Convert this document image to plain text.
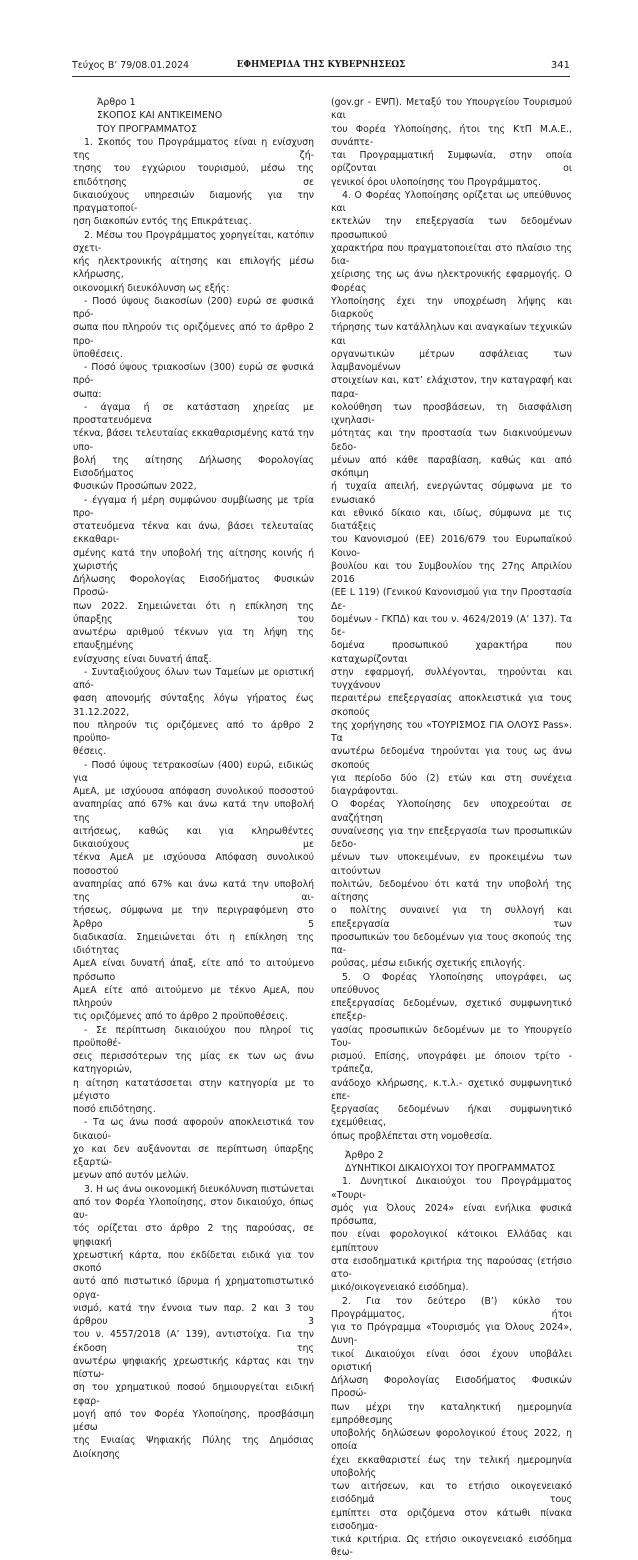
Τεύχος B’ 79/08.01.2024	ΕΦΗΜΕΡΙΔΑ ΤΗΣ ΚΥΒΕΡΝΗΣΕΩΣ	341
Άρθρο 1
ΣΚΟΠΟΣ ΚΑΙ ΑΝΤΙΚΕΙΜΕΝΟ
ΤΟΥ ΠΡΟΓΡΑΜΜΑΤΟΣ
1. Σκοπός του Προγράμματος είναι η ενίσχυση της ζή-
τησης του εγχώριου τουρισμού, μέσω της επιδότησης σε
δικαιούχους υπηρεσιών διαμονής για την πραγματοποί-
ηση διακοπών εντός της Επικράτειας.
2. Μέσω του Προγράμματος χορηγείται, κατόπιν σχετι-
κής ηλεκτρονικής αίτησης και επιλογής μέσω κλήρωσης,
οικονομική διευκόλυνση ως εξής:
- Ποσό ύψους διακοσίων (200) ευρώ σε φυσικά πρό-
σωπα που πληρούν τις οριζόμενες από το άρθρο 2 προ-
ϋποθέσεις.
- Ποσό ύψους τριακοσίων (300) ευρώ σε φυσικά πρό-
σωπα:
- άγαμα ή σε κατάσταση χηρείας με προστατευόμενα
τέκνα, βάσει τελευταίας εκκαθαρισμένης κατά την υπο-
βολή της αίτησης Δήλωσης Φορολογίας Εισοδήματος
Φυσικών Προσώπων 2022,
- έγγαμα ή μέρη συμφώνου συμβίωσης με τρία προ-
στατευόμενα τέκνα και άνω, βάσει τελευταίας εκκαθαρι-
σμένης κατά την υποβολή της αίτησης κοινής ή χωριστής
Δήλωσης Φορολογίας Εισοδήματος Φυσικών Προσώ-
πων 2022. Σημειώνεται ότι η επίκληση της ύπαρξης του
ανωτέρω αριθμού τέκνων για τη λήψη της επαυξημένης
ενίσχυσης είναι δυνατή άπαξ.
- Συνταξιούχους όλων των Ταμείων με οριστική από-
φαση απονομής σύνταξης λόγω γήρατος έως 31.12.2022,
που πληρούν τις οριζόμενες από το άρθρο 2 προϋπο-
θέσεις.
- Ποσό ύψους τετρακοσίων (400) ευρώ, ειδικώς για
ΑμεΑ, με ισχύουσα απόφαση συνολικού ποσοστού
αναπηρίας από 67% και άνω κατά την υποβολή της
αιτήσεως, καθώς και για κληρωθέντες δικαιούχους με
τέκνα ΑμεΑ με ισχύουσα Απόφαση συνολικού ποσοστού
αναπηρίας από 67% και άνω κατά την υποβολή της αι-
τήσεως, σύμφωνα με την περιγραφόμενη στο Άρθρο 5
διαδικασία. Σημειώνεται ότι η επίκληση της ιδιότητας
ΑμεΑ είναι δυνατή άπαξ, είτε από το αιτούμενο πρόσωπο
ΑμεΑ είτε από αιτούμενο με τέκνο ΑμεΑ, που πληρούν
τις οριζόμενες από το άρθρο 2 προϋποθέσεις.
- Σε περίπτωση δικαιούχου που πληροί τις προϋποθέ-
σεις περισσότερων της μίας εκ των ως άνω κατηγοριών,
η αίτηση κατατάσσεται στην κατηγορία με το μέγιστο
ποσό επιδότησης.
- Τα ως άνω ποσά αφορούν αποκλειστικά τον δικαιού-
χο και δεν αυξάνονται σε περίπτωση ύπαρξης εξαρτώ-
μενων από αυτόν μελών.
3. Η ως άνω οικονομική διευκόλυνση πιστώνεται
από τον Φορέα Υλοποίησης, στον δικαιούχο, όπως αυ-
τός ορίζεται στο άρθρο 2 της παρούσας, σε ψηφιακή
χρεωστική κάρτα, που εκδίδεται ειδικά για τον σκοπό
αυτό από πιστωτικό ίδρυμα ή χρηματοπιστωτικό οργα-
νισμό, κατά την έννοια των παρ. 2 και 3 του άρθρου 3
του ν. 4557/2018 (Α’ 139), αντιστοίχα. Για την έκδοση της
ανωτέρω ψηφιακής χρεωστικής κάρτας και την πίστω-
ση του χρηματικού ποσού δημιουργείται ειδική εφαρ-
μογή από τον Φορέα Υλοποίησης, προσβάσιμη μέσω
της Ενιαίας Ψηφιακής Πύλης της Δημόσιας Διοίκησης
(gov.gr - ΕΨΠ). Μεταξύ του Υπουργείου Τουρισμού και
του Φορέα Υλοποίησης, ήτοι της ΚτΠ Μ.Α.Ε., συνάπτε-
ται Προγραμματική Συμφωνία, στην οποία ορίζονται οι
γενικοί όροι υλοποίησης του Προγράμματος.
4. Ο Φορέας Υλοποίησης ορίζεται ως υπεύθυνος και
εκτελών την επεξεργασία των δεδομένων προσωπικού
χαρακτήρα που πραγματοποιείται στο πλαίσιο της δια-
χείρισης της ως άνω ηλεκτρονικής εφαρμογής. Ο Φορέας
Υλοποίησης έχει την υποχρέωση λήψης και διαρκούς
τήρησης των κατάλληλων και αναγκαίων τεχνικών και
οργανωτικών μέτρων ασφάλειας των λαμβανομένων
στοιχείων και, κατ’ ελάχιστον, την καταγραφή και παρα-
κολούθηση των προσβάσεων, τη διασφάλιση ιχνηλασι-
μότητας και την προστασία των διακινούμενων δεδο-
μένων από κάθε παραβίαση, καθώς και από σκόπιμη
ή τυχαία απειλή, ενεργώντας σύμφωνα με το ενωσιακό
και εθνικό δίκαιο και, ιδίως, σύμφωνα με τις διατάξεις
του Κανονισμού (ΕΕ) 2016/679 του Ευρωπαϊκού Κοινο-
βουλίου και του Συμβουλίου της 27ης Απριλίου 2016
(EE L 119) (Γενικού Κανονισμού για την Προστασία Δε-
δομένων - ΓΚΠΔ) και του ν. 4624/2019 (Α’ 137). Τα δε-
δομένα προσωπικού χαρακτήρα που καταχωρίζονται
στην εφαρμογή, συλλέγονται, τηρούνται και τυγχάνουν
περαιτέρω επεξεργασίας αποκλειστικά για τους σκοπούς
της χορήγησης του «ΤΟΥΡΙΣΜΟΣ ΓΙΑ ΟΛΟΥΣ Pass». Τα
ανωτέρω δεδομένα τηρούνται για τους ως άνω σκοπούς
για περίοδο δύο (2) ετών και στη συνέχεια διαγράφονται.
Ο Φορέας Υλοποίησης δεν υποχρεούται σε αναζήτηση
συναίνεσης για την επεξεργασία των προσωπικών δεδο-
μένων των υποκειμένων, εν προκειμένω των αιτούντων
πολιτών, δεδομένου ότι κατά την υποβολή της αίτησης
ο πολίτης συναινεί για τη συλλογή και επεξεργασία των
προσωπικών του δεδομένων για τους σκοπούς της πα-
ρούσας, μέσω ειδικής σχετικής επιλογής.
5. Ο Φορέας Υλοποίησης υπογράφει, ως υπεύθυνος
επεξεργασίας δεδομένων, σχετικό συμφωνητικό επεξερ-
γασίας προσωπικών δεδομένων με το Υπουργείο Του-
ρισμού. Επίσης, υπογράφει με όποιον τρίτο - τράπεζα,
ανάδοχο κλήρωσης, κ.τ.λ.- σχετικό συμφωνητικό επε-
ξεργασίας δεδομένων ή/και συμφωνητικό εχεμύθειας,
όπως προβλέπεται στη νομοθεσία.
Άρθρο 2
ΔΥΝΗΤΙΚΟΙ ΔΙΚΑΙΟΥΧΟΙ ΤΟΥ ΠΡΟΓΡΑΜΜΑΤΟΣ
1. Δυνητικοί Δικαιούχοι του Προγράμματος «Τουρι-
σμός για Όλους 2024» είναι ενήλικα φυσικά πρόσωπα,
που είναι φορολογικοί κάτοικοι Ελλάδας και εμπίπτουν
στα εισοδηματικά κριτήρια της παρούσας (ετήσιο ατο-
μικό/οικογενειακό εισόδημα).
2. Για τον δεύτερο (Β’) κύκλο του Προγράμματος, ήτοι
για το Πρόγραμμα «Τουρισμός για Όλους 2024», Δυνη-
τικοί Δικαιούχοι είναι όσοι έχουν υποβάλει οριστική
Δήλωση Φορολογίας Εισοδήματος Φυσικών Προσώ-
πων μέχρι την καταληκτική ημερομηνία εμπρόθεσμης
υποβολής δηλώσεων φορολογικού έτους 2022, η οποία
έχει εκκαθαριστεί έως την τελική ημερομηνία υποβολής
των αιτήσεων, και το ετήσιο οικογενειακό εισόδημά τους
εμπίπτει στα οριζόμενα στον κάτωθι πίνακα εισοδημα-
τικά κριτήρια. Ως ετήσιο οικογενειακό εισόδημα θεω-
